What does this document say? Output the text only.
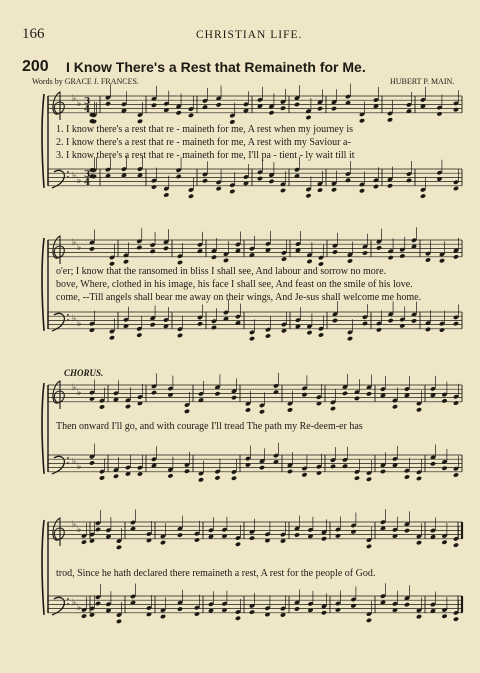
166	CHRISTIAN LIFE.
200 I Know There's a Rest that Remaineth for Me.
Words by GRACE J. FRANCES.	HUBERT P. MAIN.
♭
♭
♭
♭
♭
♭
♭
♭
♭
♭
♭
♭
♭
♭
♭
♭
3
4
3
4
1. I know there's a rest that re - maineth for me, A rest when my journey is
2. I know there's a rest that re - maineth for me, A rest with my Saviour a-
3. I know there's a rest that re - maineth for me, I'll pa - tient - ly wait till it
o'er; I know that the ransomed in bliss I shall see, And labour and sorrow no more.
bove, Where, clothed in his image, his face I shall see, And feast on the smile of his love.
come, --Till angels shall bear me away on their wings, And Je-sus shall welcome me home.
CHORUS.
Then onward I'll go, and with courage I'll tread The path my Re-deem-er has
trod, Since he hath declared there remaineth a rest, A rest for the people of God.
